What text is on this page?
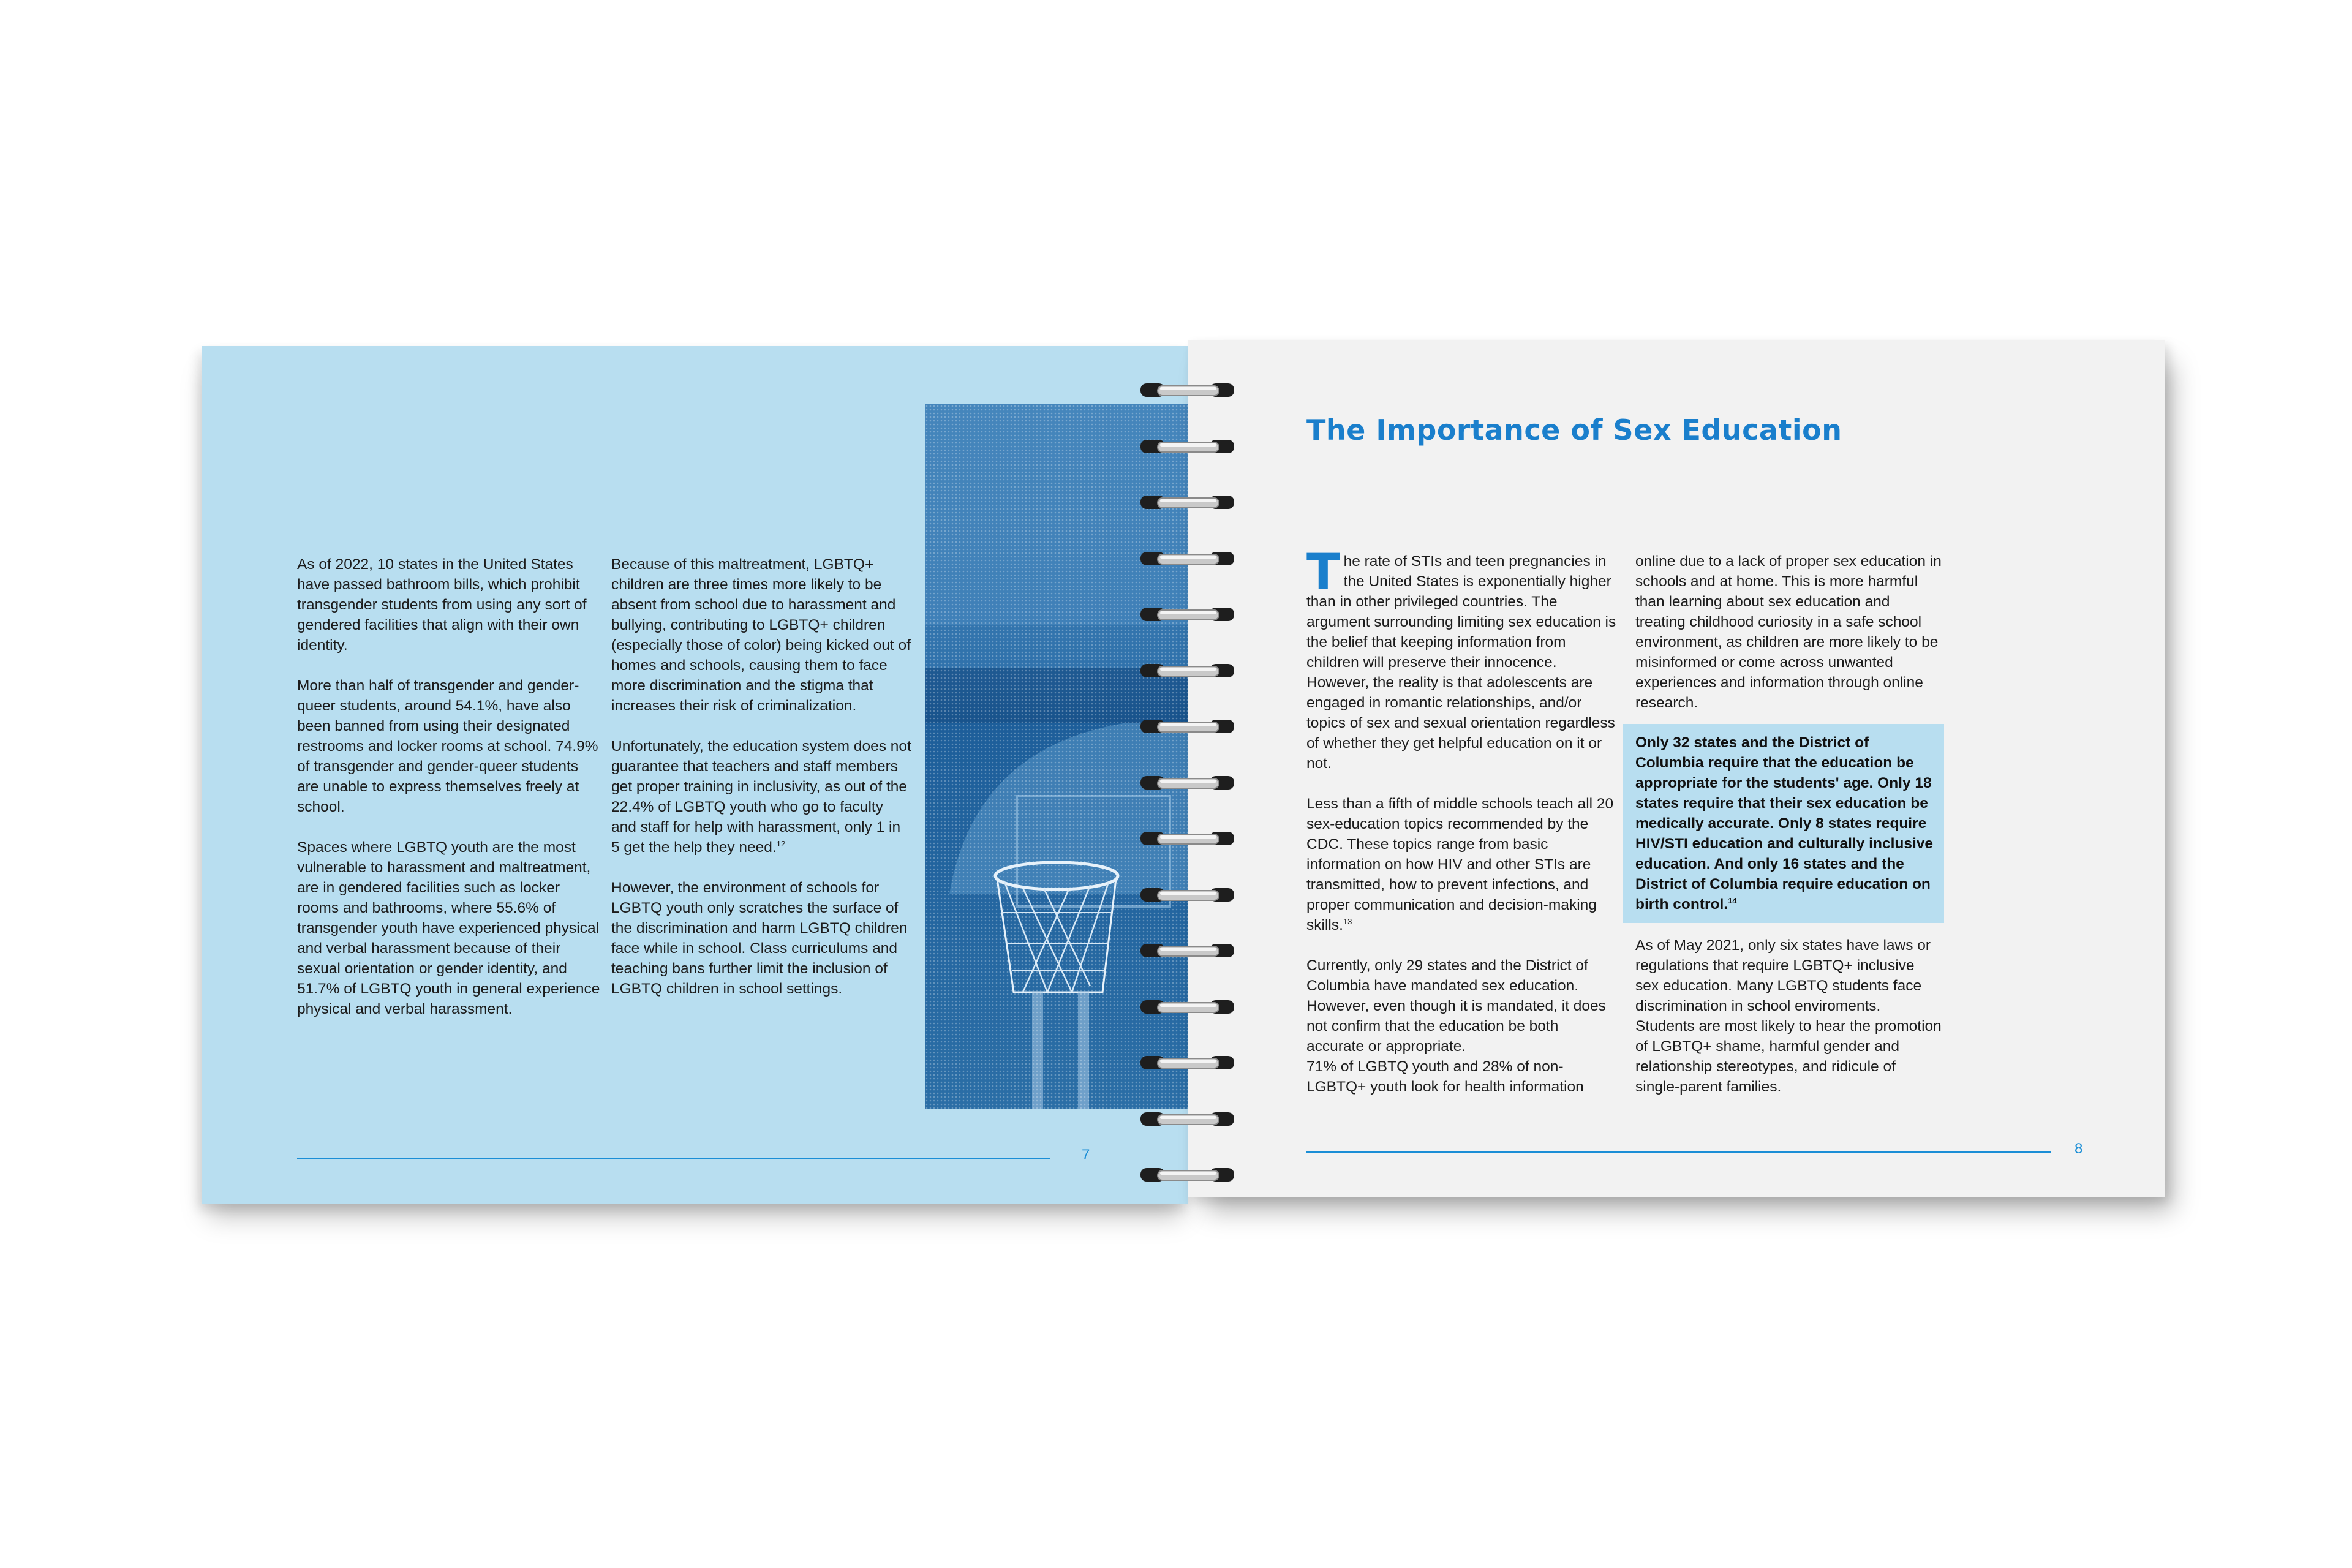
As of 2022, 10 states in the United States have passed bathroom bills, which prohibit transgender students from using any sort of gendered facilities that align with their own identity.

More than half of transgender and gender-queer students, around 54.1%, have also been banned from using their designated restrooms and locker rooms at school. 74.9% of transgender and gender-queer students are unable to express themselves freely at school.

Spaces where LGBTQ youth are the most vulnerable to harassment and maltreatment, are in gendered facilities such as locker rooms and bathrooms, where 55.6% of transgender youth have experienced physical and verbal harassment because of their sexual orientation or gender identity, and 51.7% of LGBTQ youth in general experience physical and verbal harassment.

Because of this maltreatment, LGBTQ+ children are three times more likely to be absent from school due to harassment and bullying, contributing to LGBTQ+ children (especially those of color) being kicked out of homes and schools, causing them to face more discrimination and the stigma that increases their risk of criminalization.

Unfortunately, the education system does not guarantee that teachers and staff members get proper training in inclusivity, as out of the 22.4% of LGBTQ youth who go to faculty and staff for help with harassment, only 1 in 5 get the help they need.$^{12}$

However, the environment of schools for LGBTQ youth only scratches the surface of the discrimination and harm LGBTQ children face while in school. Class curriculums and teaching bans further limit the inclusion of LGBTQ children in school settings.

7
The Importance of Sex Education

The rate of STIs and teen pregnancies in the United States is exponentially higher than in other privileged countries. The argument surrounding limiting sex education is the belief that keeping information from children will preserve their innocence. However, the reality is that adolescents are engaged in romantic relationships, and/or topics of sex and sexual orientation regardless of whether they get helpful education on it or not.

Less than a fifth of middle schools teach all 20 sex-education topics recommended by the CDC. These topics range from basic information on how HIV and other STIs are transmitted, how to prevent infections, and proper communication and decision-making skills.$^{13}$

Currently, only 29 states and the District of Columbia have mandated sex education. However, even though it is mandated, it does not confirm that the education be both accurate or appropriate.

71% of LGBTQ youth and 28% of non-LGBTQ+ youth look for health information

online due to a lack of proper sex education in schools and at home. This is more harmful than learning about sex education and treating childhood curiosity in a safe school environment, as children are more likely to be misinformed or come across unwanted experiences and information through online research.

Only 32 states and the District of Columbia require that the education be appropriate for the students' age. Only 18 states require that their sex education be medically accurate. Only 8 states require HIV/STI education and culturally inclusive education. And only 16 states and the District of Columbia require education on birth control.$^{14}$

As of May 2021, only six states have laws or regulations that require LGBTQ+ inclusive sex education. Many LGBTQ students face discrimination in school enviroments. Students are most likely to hear the promotion of LGBTQ+ shame, harmful gender and relationship stereotypes, and ridicule of single-parent families.

8
